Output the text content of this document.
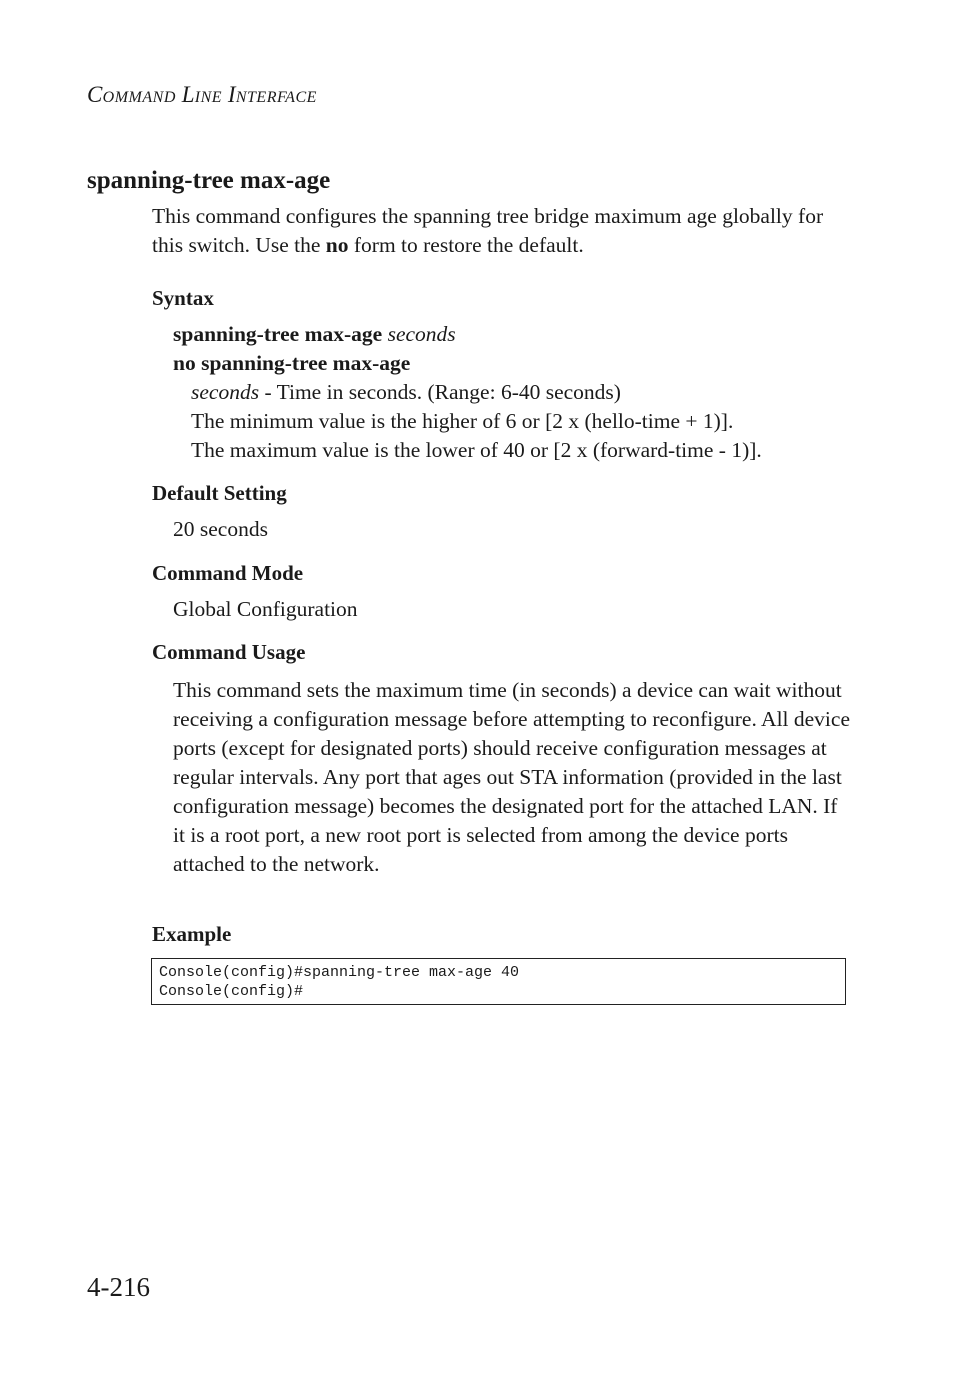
COMMAND LINE INTERFACE
spanning-tree max-age
This command configures the spanning tree bridge maximum age globally for this switch. Use the no form to restore the default.
Syntax
spanning-tree max-age seconds
no spanning-tree max-age
seconds - Time in seconds. (Range: 6-40 seconds)
The minimum value is the higher of 6 or [2 x (hello-time + 1)].
The maximum value is the lower of 40 or [2 x (forward-time - 1)].
Default Setting
20 seconds
Command Mode
Global Configuration
Command Usage
This command sets the maximum time (in seconds) a device can wait without receiving a configuration message before attempting to reconfigure. All device ports (except for designated ports) should receive configuration messages at regular intervals. Any port that ages out STA information (provided in the last configuration message) becomes the designated port for the attached LAN. If it is a root port, a new root port is selected from among the device ports attached to the network.
Example
Console(config)#spanning-tree max-age 40
Console(config)#
4-216
